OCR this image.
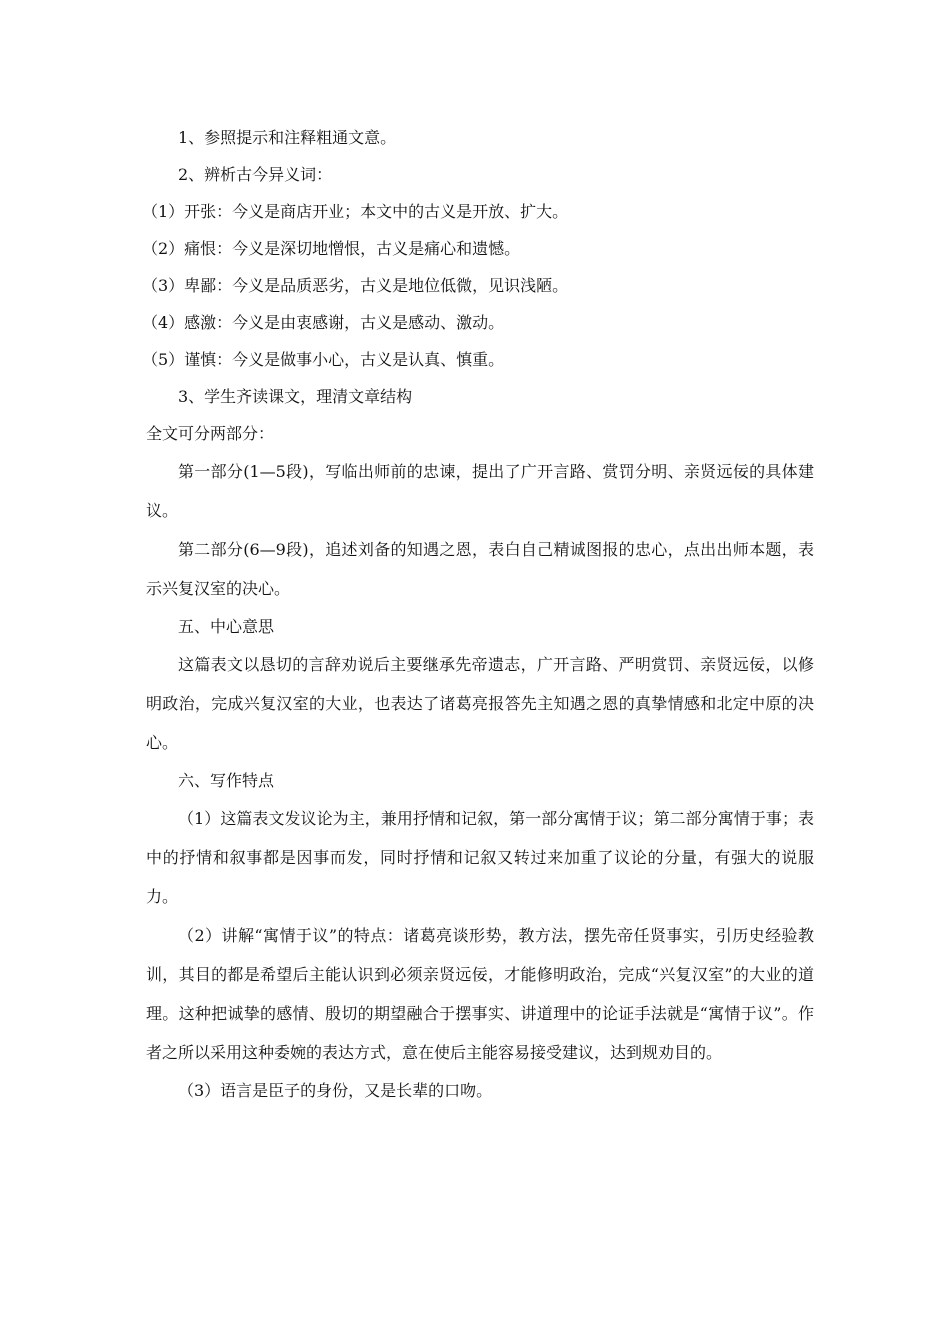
1、参照提示和注释粗通文意。

2、辨析古今异义词：

（1）开张：今义是商店开业；本文中的古义是开放、扩大。

（2）痛恨：今义是深切地憎恨，古义是痛心和遗憾。

（3）卑鄙：今义是品质恶劣，古义是地位低微，见识浅陋。

（4）感激：今义是由衷感谢，古义是感动、激动。

（5）谨慎：今义是做事小心，古义是认真、慎重。

3、学生齐读课文，理清文章结构

全文可分两部分：

第一部分(1—5段)，写临出师前的忠谏，提出了广开言路、赏罚分明、亲贤远佞的具体建议。

第二部分(6—9段)，追述刘备的知遇之恩，表白自己精诚图报的忠心，点出出师本题，表示兴复汉室的决心。

五、中心意思

这篇表文以恳切的言辞劝说后主要继承先帝遗志，广开言路、严明赏罚、亲贤远佞，以修明政治，完成兴复汉室的大业，也表达了诸葛亮报答先主知遇之恩的真挚情感和北定中原的决心。

六、写作特点

（1）这篇表文发议论为主，兼用抒情和记叙，第一部分寓情于议；第二部分寓情于事；表中的抒情和叙事都是因事而发，同时抒情和记叙又转过来加重了议论的分量，有强大的说服力。

（2）讲解“寓情于议”的特点：诸葛亮谈形势，教方法，摆先帝任贤事实，引历史经验教训，其目的都是希望后主能认识到必须亲贤远佞，才能修明政治，完成“兴复汉室”的大业的道理。这种把诚挚的感情、殷切的期望融合于摆事实、讲道理中的论证手法就是“寓情于议”。作者之所以采用这种委婉的表达方式，意在使后主能容易接受建议，达到规劝目的。

（3）语言是臣子的身份，又是长辈的口吻。
